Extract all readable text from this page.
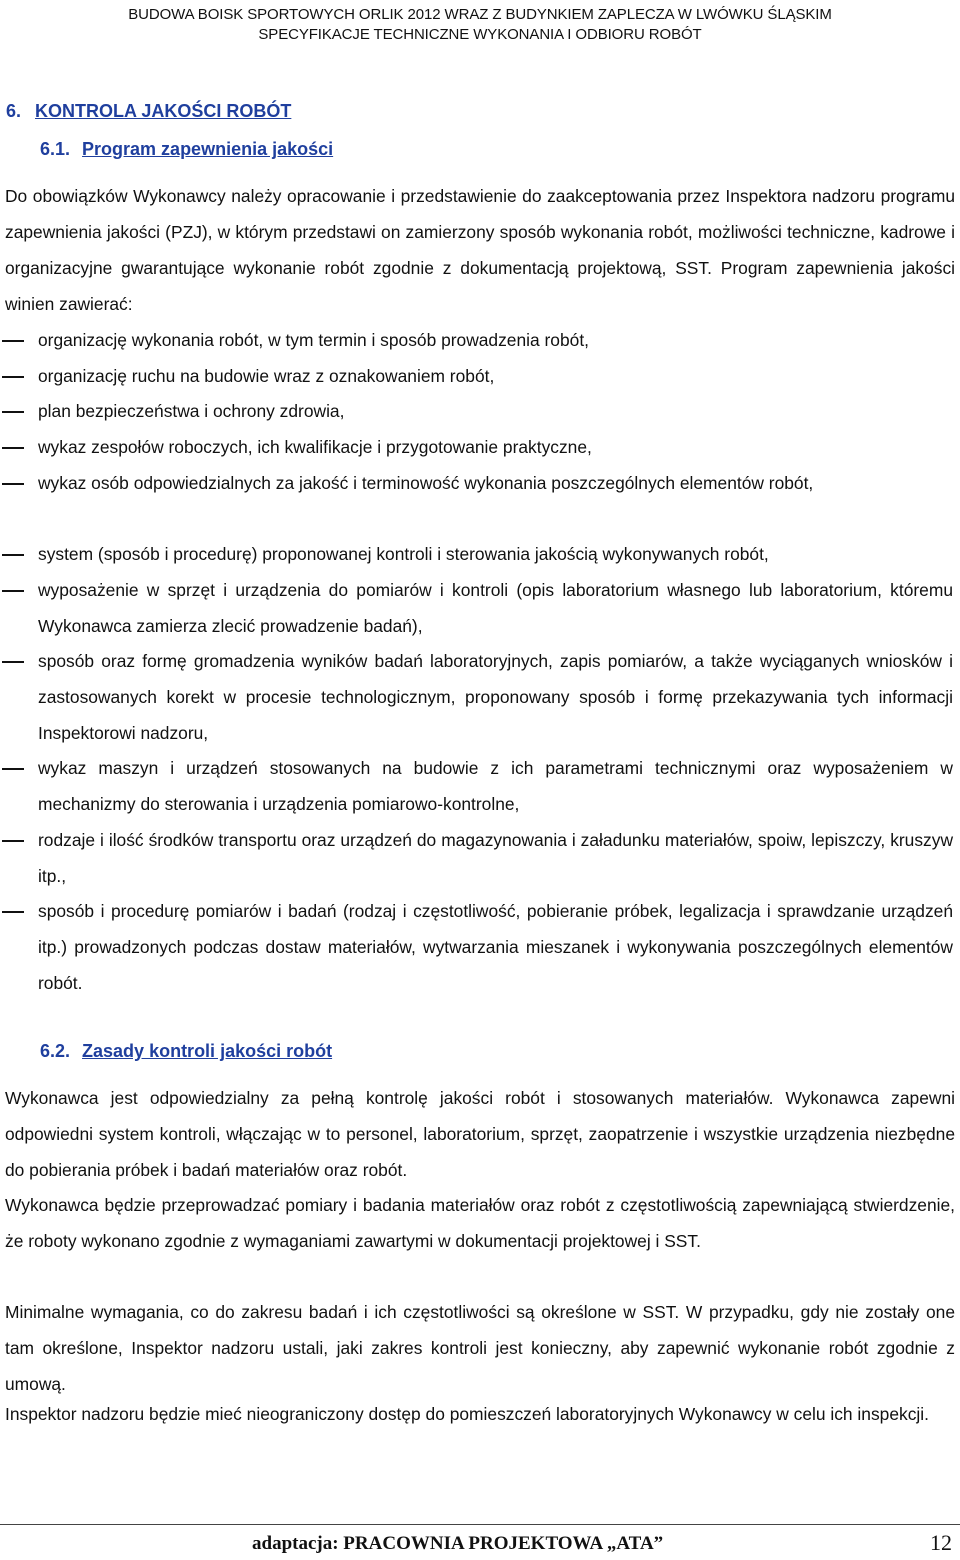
BUDOWA BOISK SPORTOWYCH ORLIK 2012 WRAZ Z BUDYNKIEM ZAPLECZA W LWÓWKU ŚLĄSKIM
SPECYFIKACJE TECHNICZNE WYKONANIA I ODBIORU ROBÓT
6. KONTROLA JAKOŚCI ROBÓT
6.1. Program zapewnienia jakości

Do obowiązków Wykonawcy należy opracowanie i przedstawienie do zaakceptowania przez Inspektora nadzoru programu zapewnienia jakości (PZJ), w którym przedstawi on zamierzony sposób wykonania robót, możliwości techniczne, kadrowe i organizacyjne gwarantujące wykonanie robót zgodnie z dokumentacją projektową, SST. Program zapewnienia jakości winien zawierać:

organizację wykonania robót, w tym termin i sposób prowadzenia robót,

organizację ruchu na budowie wraz z oznakowaniem robót,

plan bezpieczeństwa i ochrony zdrowia,

wykaz zespołów roboczych, ich kwalifikacje i przygotowanie praktyczne,

wykaz osób odpowiedzialnych za jakość i terminowość wykonania poszczególnych elementów robót,

system (sposób i procedurę) proponowanej kontroli i sterowania jakością wykonywanych robót,

wyposażenie w sprzęt i urządzenia do pomiarów i kontroli (opis laboratorium własnego lub laboratorium, któremu Wykonawca zamierza zlecić prowadzenie badań),

sposób oraz formę gromadzenia wyników badań laboratoryjnych, zapis pomiarów, a także wyciąganych wniosków i zastosowanych korekt w procesie technologicznym, proponowany sposób i formę przekazywania tych informacji Inspektorowi nadzoru,

wykaz maszyn i urządzeń stosowanych na budowie z ich parametrami technicznymi oraz wyposażeniem w mechanizmy do sterowania i urządzenia pomiarowo-kontrolne,

rodzaje i ilość środków transportu oraz urządzeń do magazynowania i załadunku materiałów, spoiw, lepiszczy, kruszyw itp.,

sposób i procedurę pomiarów i badań (rodzaj i częstotliwość, pobieranie próbek, legalizacja i sprawdzanie urządzeń itp.) prowadzonych podczas dostaw materiałów, wytwarzania mieszanek i wykonywania poszczególnych elementów robót.

6.2. Zasady kontroli jakości robót

Wykonawca jest odpowiedzialny za pełną kontrolę jakości robót i stosowanych materiałów. Wykonawca zapewni odpowiedni system kontroli, włączając w to personel, laboratorium, sprzęt, zaopatrzenie i wszystkie urządzenia niezbędne do pobierania próbek i badań materiałów oraz robót.

Wykonawca będzie przeprowadzać pomiary i badania materiałów oraz robót z częstotliwością zapewniającą stwierdzenie, że roboty wykonano zgodnie z wymaganiami zawartymi w dokumentacji projektowej i SST.

Minimalne wymagania, co do zakresu badań i ich częstotliwości są określone w SST. W przypadku, gdy nie zostały one tam określone, Inspektor nadzoru ustali, jaki zakres kontroli jest konieczny, aby zapewnić wykonanie robót zgodnie z umową.

Inspektor nadzoru będzie mieć nieograniczony dostęp do pomieszczeń laboratoryjnych Wykonawcy w celu ich inspekcji.

adaptacja: PRACOWNIA PROJEKTOWA „ATA”	12
